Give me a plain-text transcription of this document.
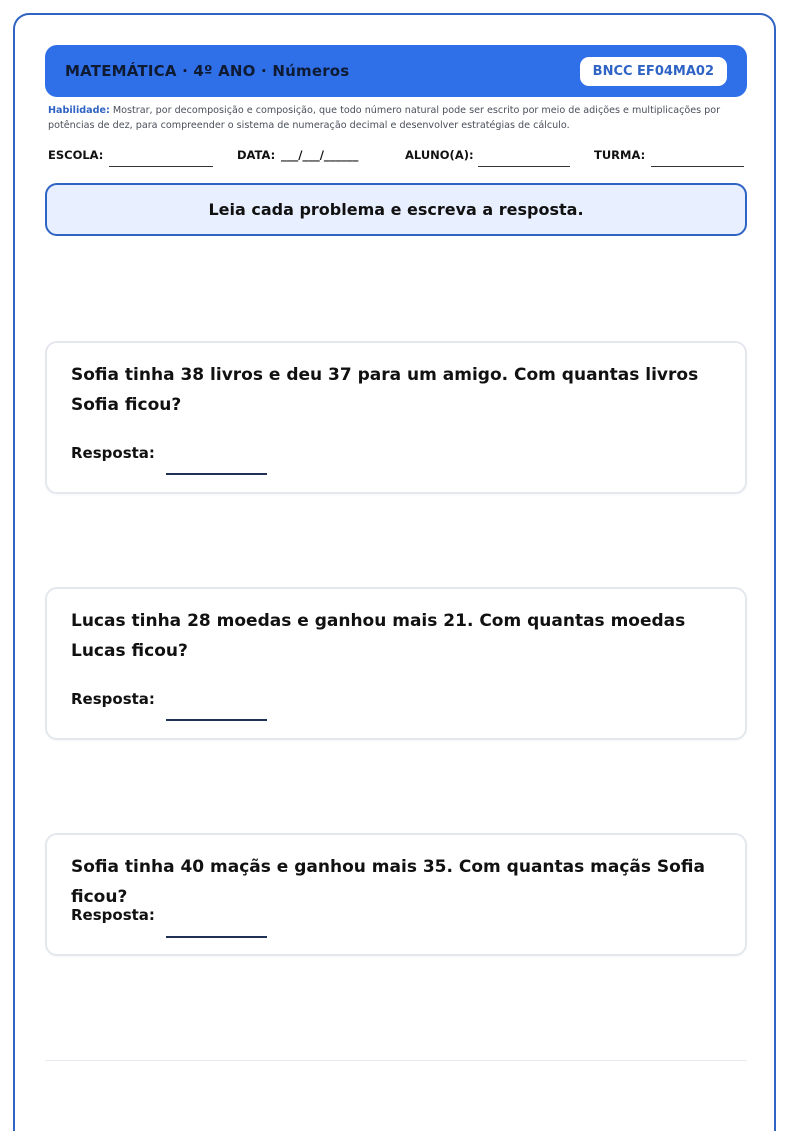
MATEMÁTICA · 4º ANO · Números	BNCC EF04MA02
Habilidade: Mostrar, por decomposição e composição, que todo número natural pode ser escrito por meio de adições e multiplicações por potências de dez, para compreender o sistema de numeração decimal e desenvolver estratégias de cálculo.
ESCOLA:	DATA: ___/___/______	ALUNO(A):	TURMA:
Leia cada problema e escreva a resposta.
Sofia tinha 38 livros e deu 37 para um amigo. Com quantas livros Sofia ficou?
Resposta:
Lucas tinha 28 moedas e ganhou mais 21. Com quantas moedas Lucas ficou?
Resposta:
Sofia tinha 40 maçãs e ganhou mais 35. Com quantas maçãs Sofia ficou?
Resposta:
